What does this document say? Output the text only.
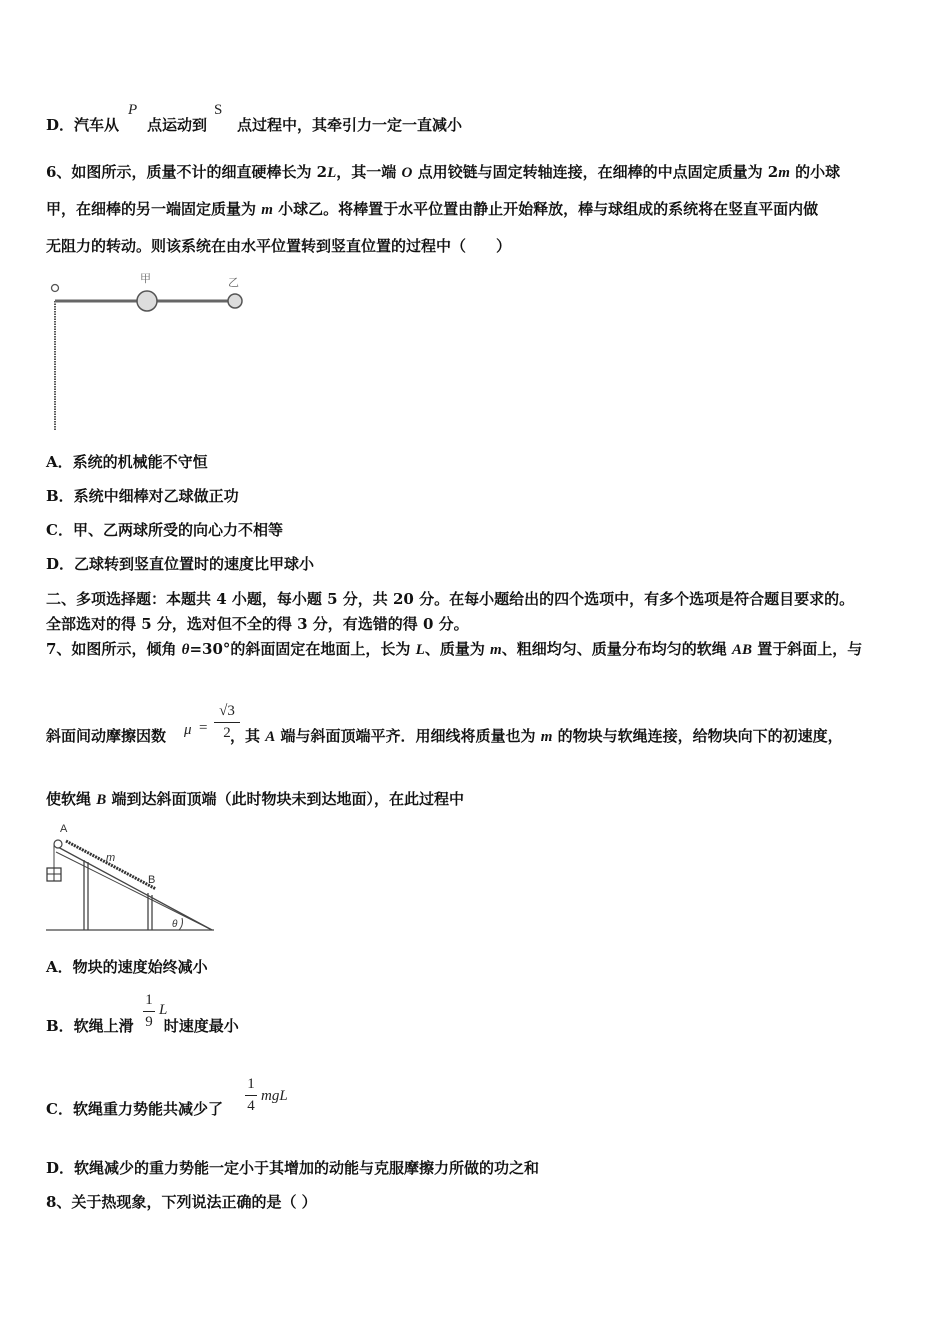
D．汽车从 点运动到 点过程中，其牵引力一定一直减小
P	S
6、如图所示，质量不计的细直硬棒长为 2L，其一端 O 点用铰链与固定转轴连接，在细棒的中点固定质量为 2m 的小球
甲，在细棒的另一端固定质量为 m 小球乙。将棒置于水平位置由静止开始释放，棒与球组成的系统将在竖直平面内做
无阻力的转动。则该系统在由水平位置转到竖直位置的过程中（　　）
甲	乙
A．系统的机械能不守恒
B．系统中细棒对乙球做正功
C．甲、乙两球所受的向心力不相等
D．乙球转到竖直位置时的速度比甲球小
二、多项选择题：本题共 4 小题，每小题 5 分，共 20 分。在每小题给出的四个选项中，有多个选项是符合题目要求的。
全部选对的得 5 分，选对但不全的得 3 分，有选错的得 0 分。
7、如图所示，倾角 θ=30°的斜面固定在地面上，长为 L、质量为 m、粗细均匀、质量分布均匀的软绳 AB 置于斜面上，与
斜面间动摩擦因数	，其 A 端与斜面顶端平齐．用细线将质量也为 m 的物块与软绳连接，给物块向下的初速度，
μ =
√3
2
使软绳 B 端到达斜面顶端（此时物块未到达地面），在此过程中
A
m
B
θ
A．物块的速度始终减小
B．软绳上滑 时速度最小
1
9
L
C．软绳重力势能共减少了
1
4
mgL
D．软绳减少的重力势能一定小于其增加的动能与克服摩擦力所做的功之和
8、关于热现象，下列说法正确的是（ ）
